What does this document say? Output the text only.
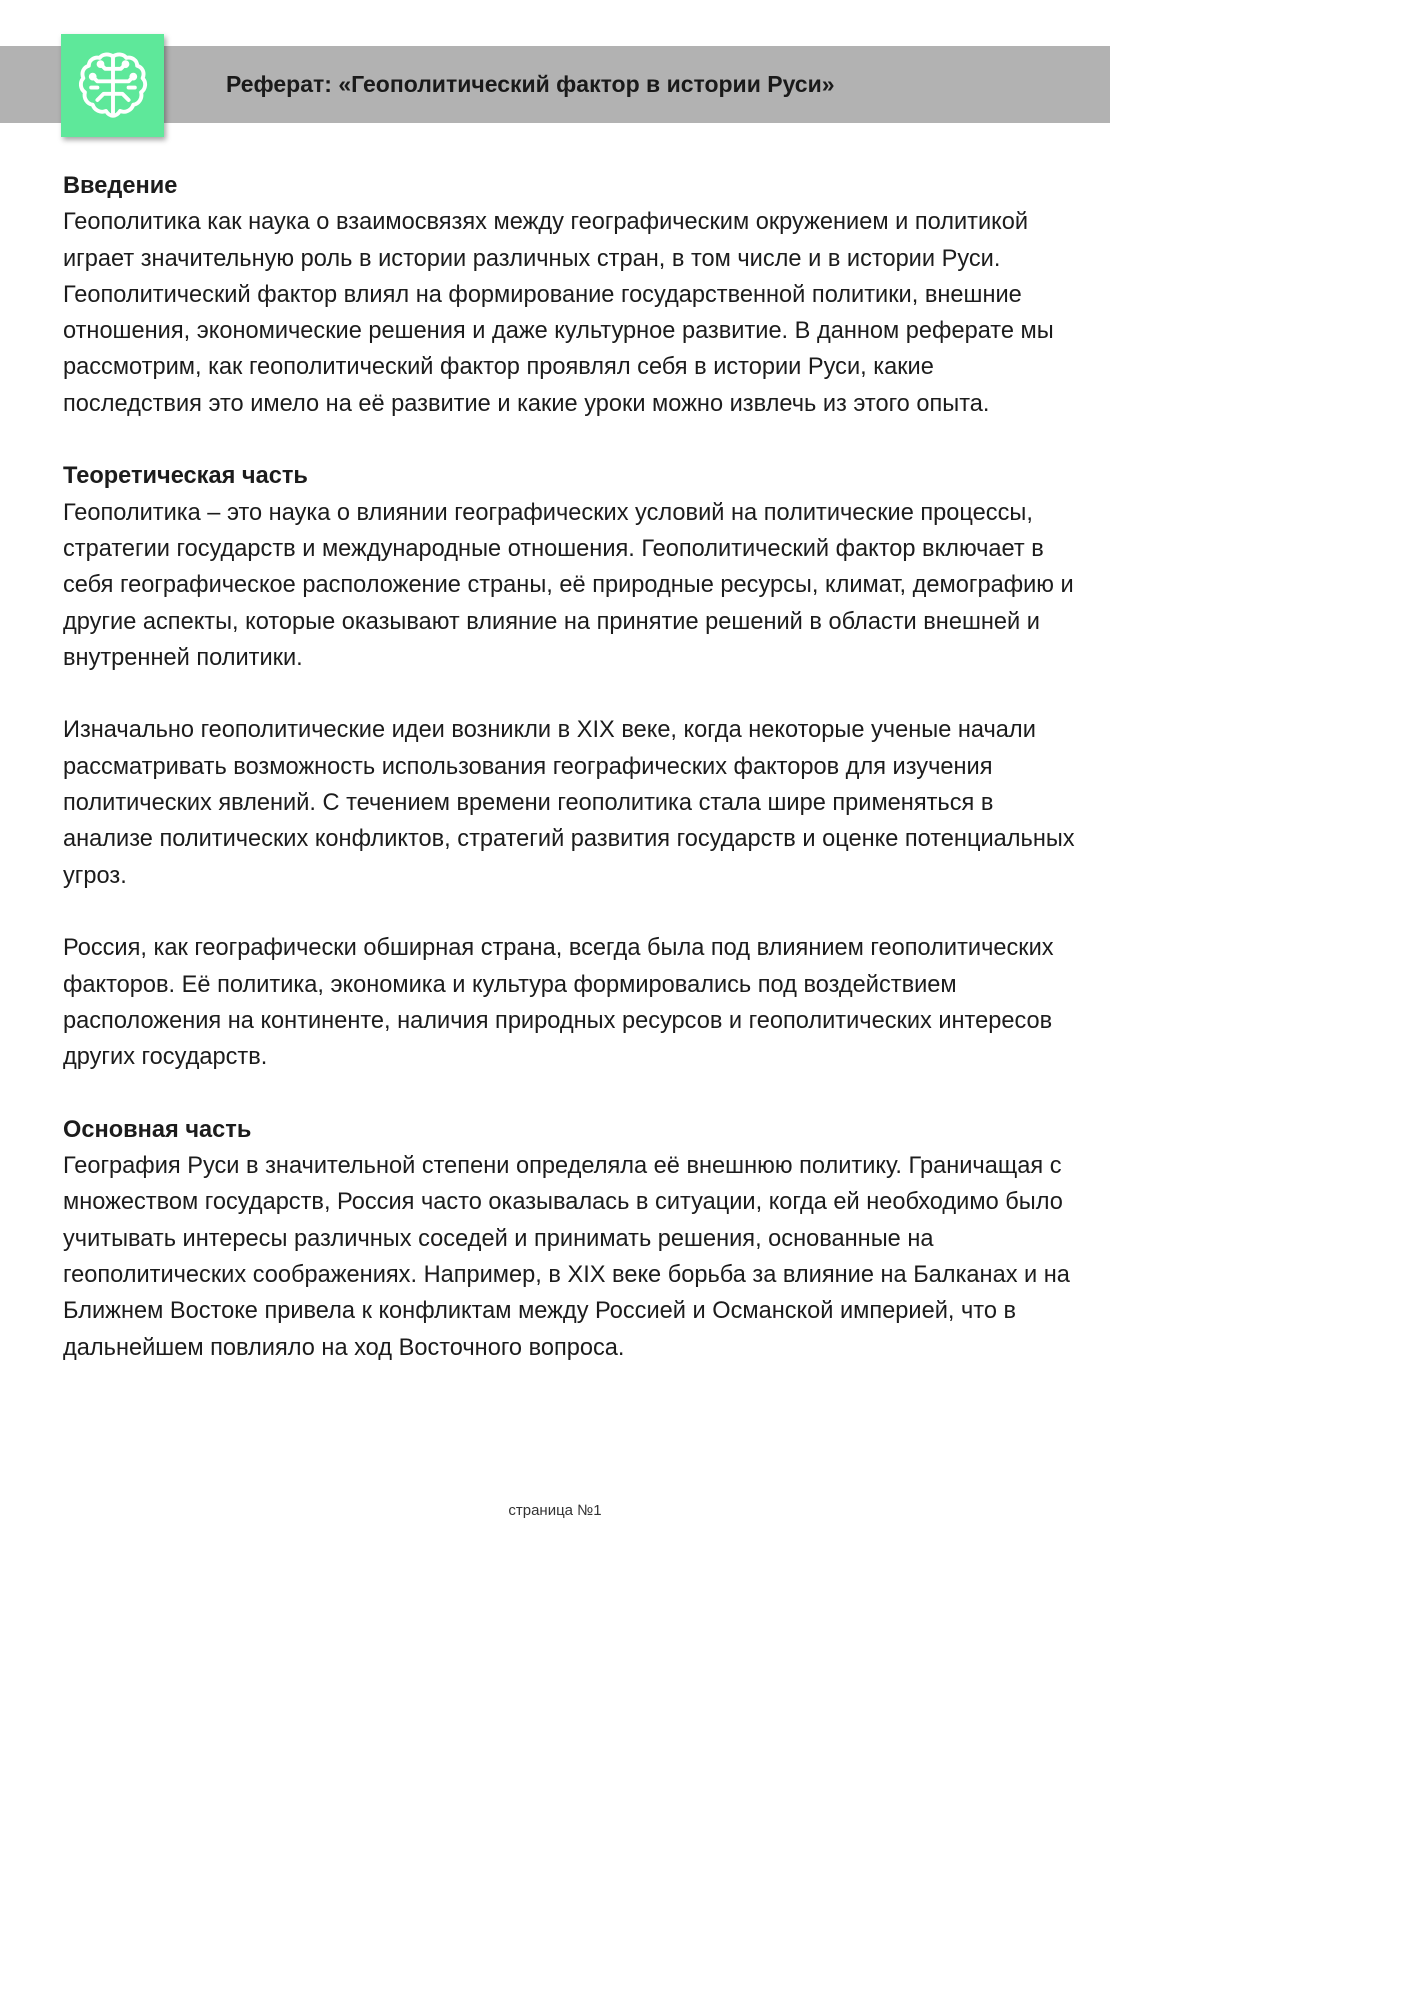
Реферат: «Геополитический фактор в истории Руси»
Введение
Геополитика как наука о взаимосвязях между географическим окружением и политикой играет значительную роль в истории различных стран, в том числе и в истории Руси. Геополитический фактор влиял на формирование государственной политики, внешние отношения, экономические решения и даже культурное развитие. В данном реферате мы рассмотрим, как геополитический фактор проявлял себя в истории Руси, какие последствия это имело на её развитие и какие уроки можно извлечь из этого опыта.
Теоретическая часть
Геополитика – это наука о влиянии географических условий на политические процессы, стратегии государств и международные отношения. Геополитический фактор включает в себя географическое расположение страны, её природные ресурсы, климат, демографию и другие аспекты, которые оказывают влияние на принятие решений в области внешней и внутренней политики.
Изначально геополитические идеи возникли в XIX веке, когда некоторые ученые начали рассматривать возможность использования географических факторов для изучения политических явлений. С течением времени геополитика стала шире применяться в анализе политических конфликтов, стратегий развития государств и оценке потенциальных угроз.
Россия, как географически обширная страна, всегда была под влиянием геополитических факторов. Её политика, экономика и культура формировались под воздействием расположения на континенте, наличия природных ресурсов и геополитических интересов других государств.
Основная часть
География Руси в значительной степени определяла её внешнюю политику. Граничащая с множеством государств, Россия часто оказывалась в ситуации, когда ей необходимо было учитывать интересы различных соседей и принимать решения, основанные на геополитических соображениях. Например, в XIX веке борьба за влияние на Балканах и на Ближнем Востоке привела к конфликтам между Россией и Османской империей, что в дальнейшем повлияло на ход Восточного вопроса.
страница №1
